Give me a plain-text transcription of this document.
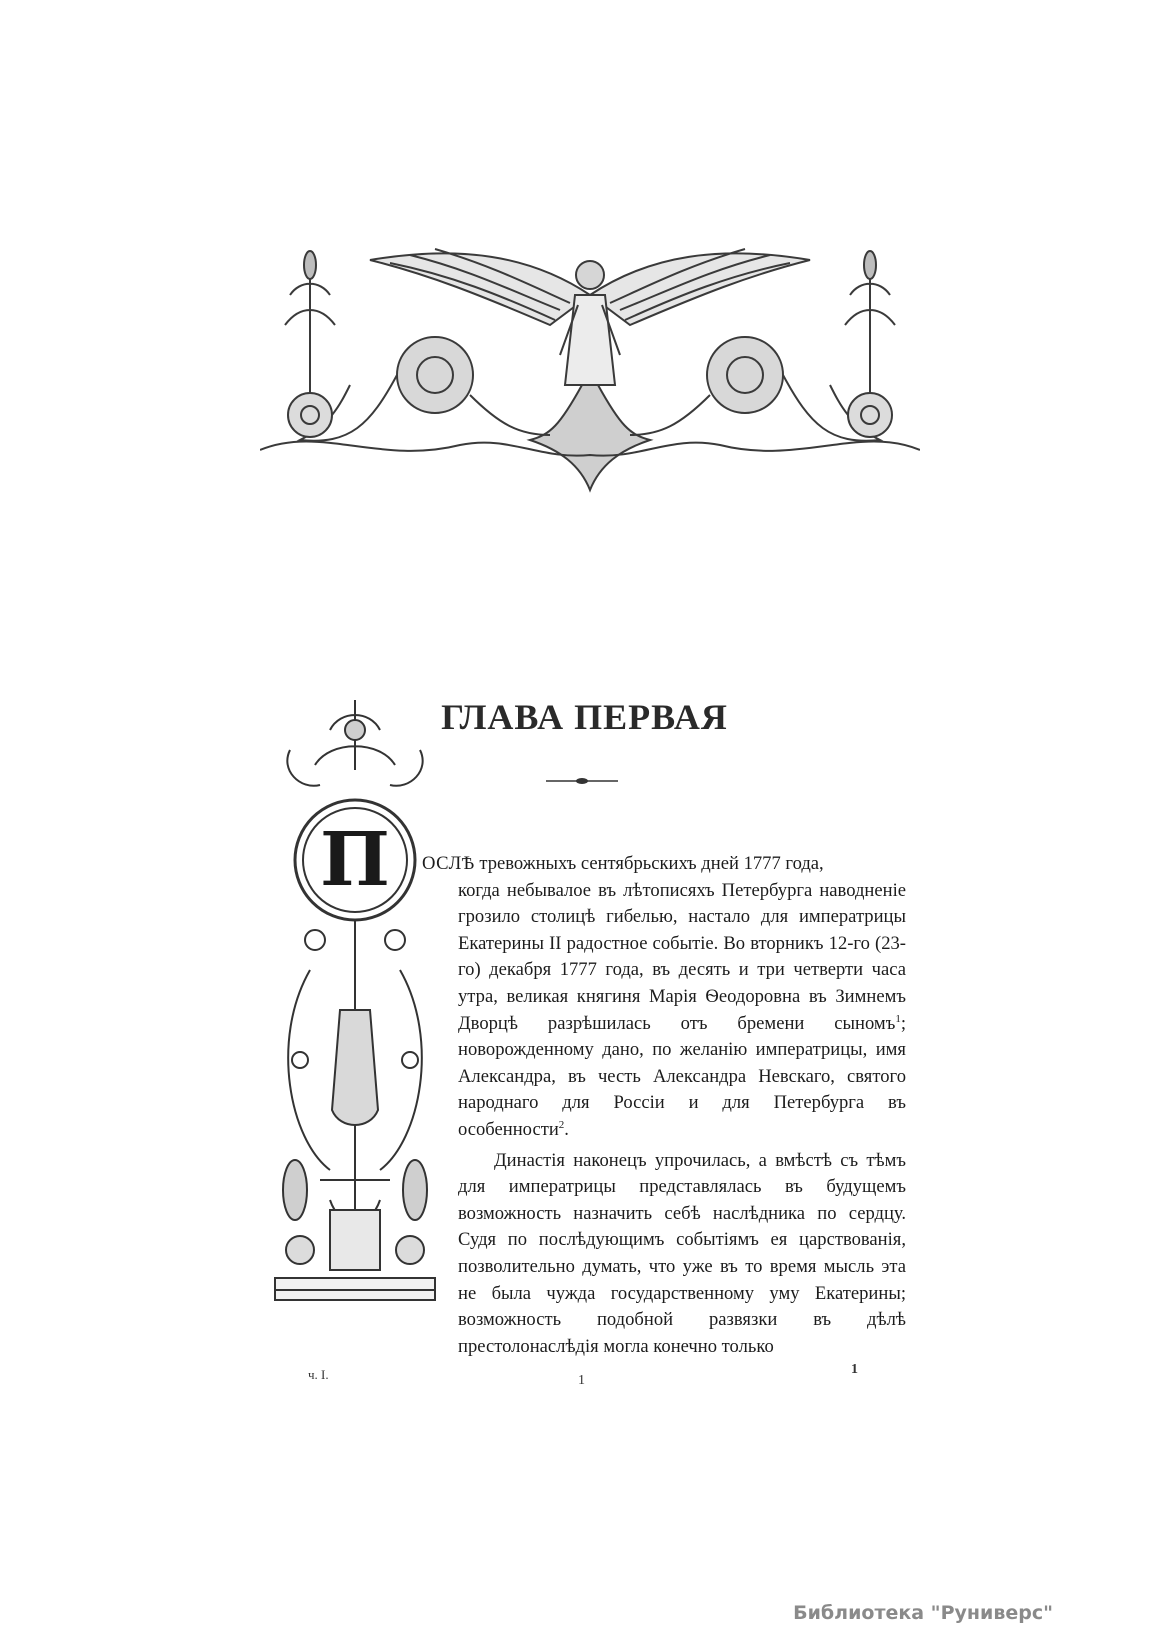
ГЛАВА ПЕРВАЯ
П ОСЛѢ тревожныхъ сентябрьскихъ дней 1777 года,

когда небывалое въ лѣтописяхъ Петербурга наводненіе грозило столицѣ гибелью, настало для императрицы Екатерины II радостное событіе. Во вторникъ 12-го (23-го) декабря 1777 года, въ десять и три четверти часа утра, великая княгиня Марія Ѳеодоровна въ Зимнемъ Дворцѣ разрѣшилась отъ бремени сыномъ$^1$; новорожденному дано, по желанію императрицы, имя Александра, въ честь Александра Невскаго, святого народнаго для Россіи и для Петербурга въ особенности$^2$.

Династія наконецъ упрочилась, а вмѣстѣ съ тѣмъ для императрицы представлялась въ будущемъ возможность назначить себѣ наслѣдника по сердцу. Судя по послѣдующимъ событіямъ ея царствованія, позволительно думать, что уже въ то время мысль эта не была чужда государственному уму Екатерины; возможность подобной развязки въ дѣлѣ престолонаслѣдія могла конечно только

ч. I.	1
1
Библиотека "Руниверс"
